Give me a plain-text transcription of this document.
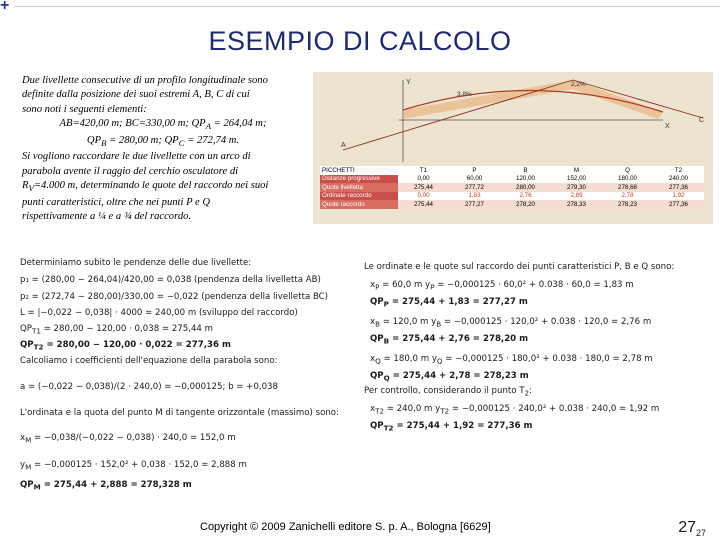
+
ESEMPIO DI CALCOLO

Due livellette consecutive di un profilo longitudinale sono

definite dalla posizione dei suoi estremi A, B, C di cui

sono noti i seguenti elementi:

AB=420,00 m; BC=330,00 m; $QP_A = 264,04$ m;

$QP_B = 280,00$ m; $QP_C = 272,74$ m.

Si vogliono raccordare le due livellette con un arco di

parabola avente il raggio del cerchio osculatore di

$R_V=4.000$ m, determinando le quote del raccordo nei suoi

punti caratteristici, oltre che nei punti P e Q

rispettivamente a ¼ e a ¾ del raccordo.

Y
X
A
C
3,8%
2,2%
PICCHETTI	T1	P	B	M	Q	T2
Distanze progressive	0,00	60,00	120,00	152,00	180,00	240,00
Quote livelletta	275,44	277,72	280,00	279,30	278,68	277,36
Ordinate raccordo	0,00	1,83	2,76	2,89	2,78	1,92
Quote raccordo	275,44	277,27	278,20	278,33	278,23	277,36
Determiniamo subito le pendenze delle due livellette:
p₁ = (280,00 − 264,04)/420,00 = 0,038 (pendenza della livelletta AB)
p₂ = (272,74 − 280,00)/330,00 = −0,022 (pendenza della livelletta BC)
L = |−0,022 − 0,038| · 4000 = 240,00 m (sviluppo del raccordo)
$QP_{T1} = 280,00 - 120,00 \cdot 0,038 = 275,44$ m
$QP_{T2} = 280,00 - 120,00 \cdot 0,022 = 277,36$ m
Calcoliamo i coefficienti dell'equazione della parabola sono:
a = (−0,022 − 0,038)/(2 · 240,0) = −0,000125; b = +0,038
L'ordinata e la quota del punto M di tangente orizzontale (massimo) sono:
$x_M = -0,038/(-0,022 - 0,038) \cdot 240,0 = 152,0$ m
$y_M = -0,000125 \cdot 152,0^2 + 0,038 \cdot 152,0 = 2,888$ m
$QP_M = 275,44 + 2,888 = 278,328$ m
Le ordinate e le quote sul raccordo dei punti caratteristici P, B e Q sono:
$x_P = 60,0$ m $y_P = -0,000125 \cdot 60,0^2 + 0.038 \cdot 60,0 = 1,83$ m
$QP_P = 275,44 + 1,83 = 277,27$ m
$x_B = 120,0$ m $y_B = -0,000125 \cdot 120,0^2 + 0.038 \cdot 120,0 = 2,76$ m
$QP_B = 275,44 + 2,76 = 278,20$ m
$x_Q = 180,0$ m $y_Q = -0,000125 \cdot 180,0^2 + 0.038 \cdot 180,0 = 2,78$ m
$QP_Q = 275,44 + 2,78 = 278,23$ m
Per controllo, considerando il punto $T_2$:
$x_{T2} = 240,0$ m $y_{T2} = -0,000125 \cdot 240,0^2 + 0.038 \cdot 240,0 = 1,92$ m
$QP_{T2} = 275,44 + 1,92 = 277,36$ m
Copyright © 2009 Zanichelli editore S. p. A., Bologna [6629]	$27_{27}$
